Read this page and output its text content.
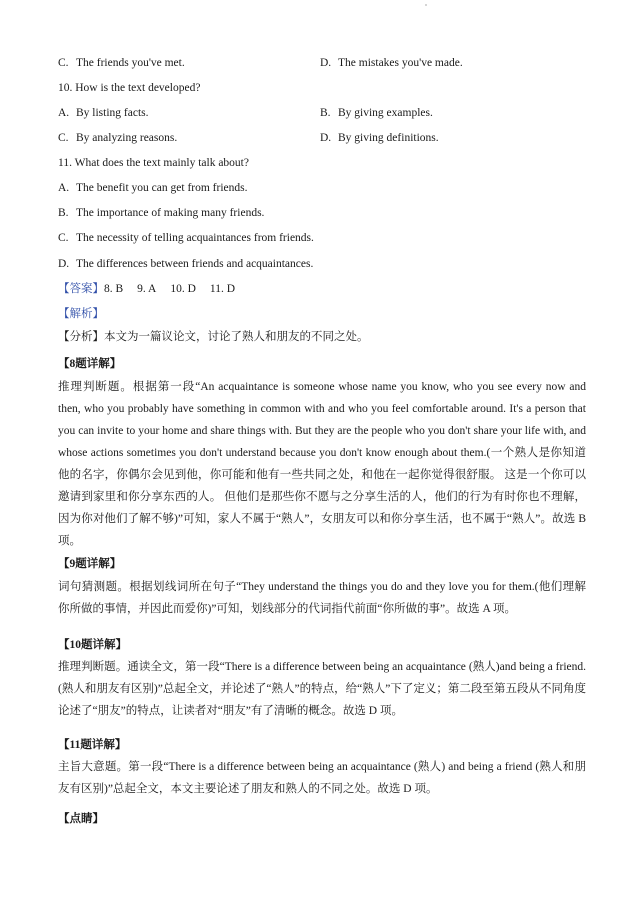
C. The friends you've met.	D. The mistakes you've made.
10. How is the text developed?
A. By listing facts.	B. By giving examples.
C. By analyzing reasons.	D. By giving definitions.
11. What does the text mainly talk about?
A. The benefit you can get from friends.
B. The importance of making many friends.
C. The necessity of telling acquaintances from friends.
D. The differences between friends and acquaintances.
【答案】8. B 9. A 10. D 11. D
【解析】
【分析】本文为一篇议论文，讨论了熟人和朋友的不同之处。
【8题详解】
推理判断题。根据第一段“An acquaintance is someone whose name you know, who you see every now and then, who you probably have something in common with and who you feel comfortable around. It's a person that you can invite to your home and share things with. But they are the people who you don't share your life with, and whose actions sometimes you don't understand because you don't know enough about them.(一个熟人是你知道他的名字，你偶尔会见到他，你可能和他有一些共同之处，和他在一起你觉得很舒服。 这是一个你可以邀请到家里和你分享东西的人。 但他们是那些你不愿与之分享生活的人，他们的行为有时你也不理解，因为你对他们了解不够)”可知，家人不属于“熟人”，女朋友可以和你分享生活，也不属于“熟人”。故选 B 项。
【9题详解】
词句猜测题。根据划线词所在句子“They understand the things you do and they love you for them.(他们理解你所做的事情，并因此而爱你)”可知，划线部分的代词指代前面“你所做的事”。故选 A 项。
【10题详解】
推理判断题。通读全文，第一段“There is a difference between being an acquaintance (熟人)and being a friend.(熟人和朋友有区别)”总起全文，并论述了“熟人”的特点，给“熟人”下了定义；第二段至第五段从不同角度论述了“朋友”的特点，让读者对“朋友”有了清晰的概念。故选 D 项。
【11题详解】
主旨大意题。第一段“There is a difference between being an acquaintance (熟人) and being a friend (熟人和朋友有区别)”总起全文，本文主要论述了朋友和熟人的不同之处。故选 D 项。
【点睛】
